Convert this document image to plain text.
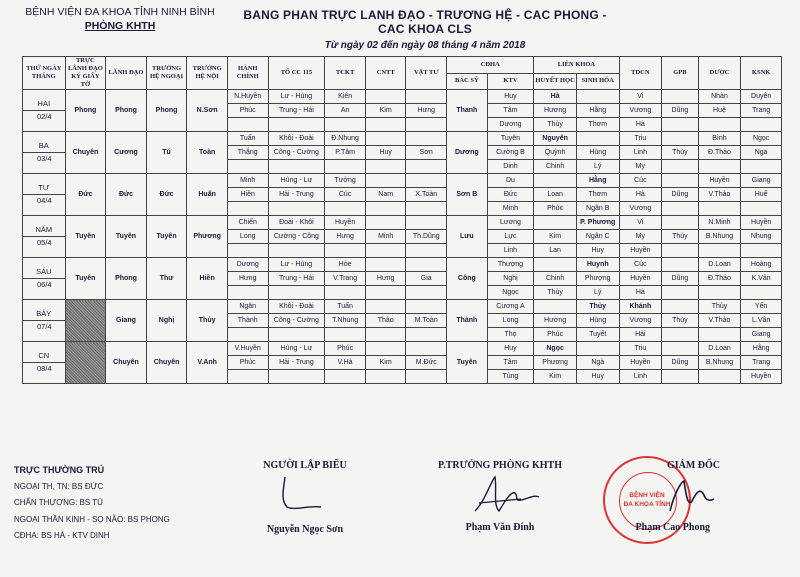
BỆNH VIỆN ĐA KHOA TỈNH NINH BÌNH
PHÒNG KHTH
BANG PHAN TRỰC LANH ĐẠO - TRƯƠNG HỆ - CAC PHONG - CAC KHOA CLS
Từ ngày 02 đến ngày 08 tháng 4 năm 2018
THỨ NGÀY THÁNG	TRỰC LÃNH ĐẠO KÝ GIẤY TỜ	LÃNH ĐẠO	TRƯỞNG HỆ NGOẠI	TRƯỞNG HỆ NỘI	HÀNH CHÍNH	TỔ CC 115	TCKT	CNTT	VẬT TƯ	CĐHA		LIÊN KHOA		TDCN	GPB	DƯỢC	KSNK
										BÁC SỸ	KTV	HUYẾT HỌC	SINH HÓA				

HAI
02/4	Phong	Phong	Phong	N.Sơn	N.Huyền	Lư - Hùng	Kiên			Thanh	Huy	Hà		Vi		Nhàn	Duyên
					Phúc	Trung - Hải	An	Kim	Hưng		Tâm	Hương	Hằng	Vương	Dũng	Huệ	Trang
											Dương	Thủy	Thơm	Hà			

BA
03/4	Chuyên	Cương	Tú	Toàn	Tuấn	Khôi - Đoài	Đ.Nhung			Dương	Tuyên	Nguyên		Triu		Bình	Ngọc
					Thắng	Công - Cường	P.Tâm	Huy	Sơn		Cường B	Quỳnh	Hùng	Linh	Thủy	Đ.Thảo	Nga
											Dinh	Chinh	Lý	My			

TƯ
04/4	Đức	Đức	Đức	Huấn	Minh	Hùng - Lư	Tưởng			Sơn B	Du		Hằng	Cúc		Huyền	Giang
					Hiền	Hải - Trung	Cúc	Nam	X.Toàn		Đức	Loan	Thơm	Hà	Dũng	V.Thảo	Huế
											Minh	Phúc	Ngân B	Vương			

NĂM
05/4	Tuyên	Tuyên	Tuyên	Phương	Chiến	Đoài - Khôi	Huyền			Lưu	Lương		P. Phương	Vi		N.Minh	Huyền
					Long	Cường - Công	Hưng	Minh	Th.Dũng		Lực	Kim	Ngân C	My	Thủy	B.Nhung	Nhung
											Linh	Lan	Huy	Huyền			

SÁU
06/4	Tuyên	Phong	Thư	Hiền	Dương	Lư - Hùng	Hòe			Công	Thượng		Huynh	Cúc		D.Loan	Hoàng
					Hưng	Trung - Hải	V.Trang	Hưng	Gia		Nghị	Chinh	Phượng	Huyền	Dũng	Đ.Thảo	K.Vân
											Ngọc	Thủy	Lý	Hà			

BẢY
07/4		Giang	Nghị	Thủy	Ngân	Khôi - Đoài	Tuấn			Thành	Cương A		Thủy	Khánh		Thủy	Yến
					Thành	Công - Cường	T.Nhung	Thảo	M.Toàn		Long	Hương	Hùng	Vương	Thủy	V.Thảo	L.Vân
											Thọ	Phúc	Tuyết	Hải			Giang

CN
08/4		Chuyên	Chuyên	V.Anh	V.Huyền	Hùng - Lư	Phúc			Tuyên	Huy	Ngọc		Triu		D.Loan	Hằng
					Phúc	Hải - Trung	V.Hà	Kim	M.Đức		Tâm	Phương	Ngà	Huyền	Dũng	B.Nhung	Trang
											Tùng	Kim	Huy	Linh			Huyền
TRỰC THƯỜNG TRÚ
NGOẠI TH, TN: BS ĐỨC
CHẤN THƯƠNG: BS TÚ
NGOẠI THẦN KINH - SỌ NÃO: BS PHONG
CĐHA: BS HÀ - KTV DINH
NGƯỜI LẬP BIỂU
Nguyễn Ngọc Sơn
P.TRƯỞNG PHÒNG KHTH
Phạm Văn Đính
BỆNH VIỆN
ĐA KHOA TỈNH
GIÁM ĐỐC
Phạm Cao Phong
